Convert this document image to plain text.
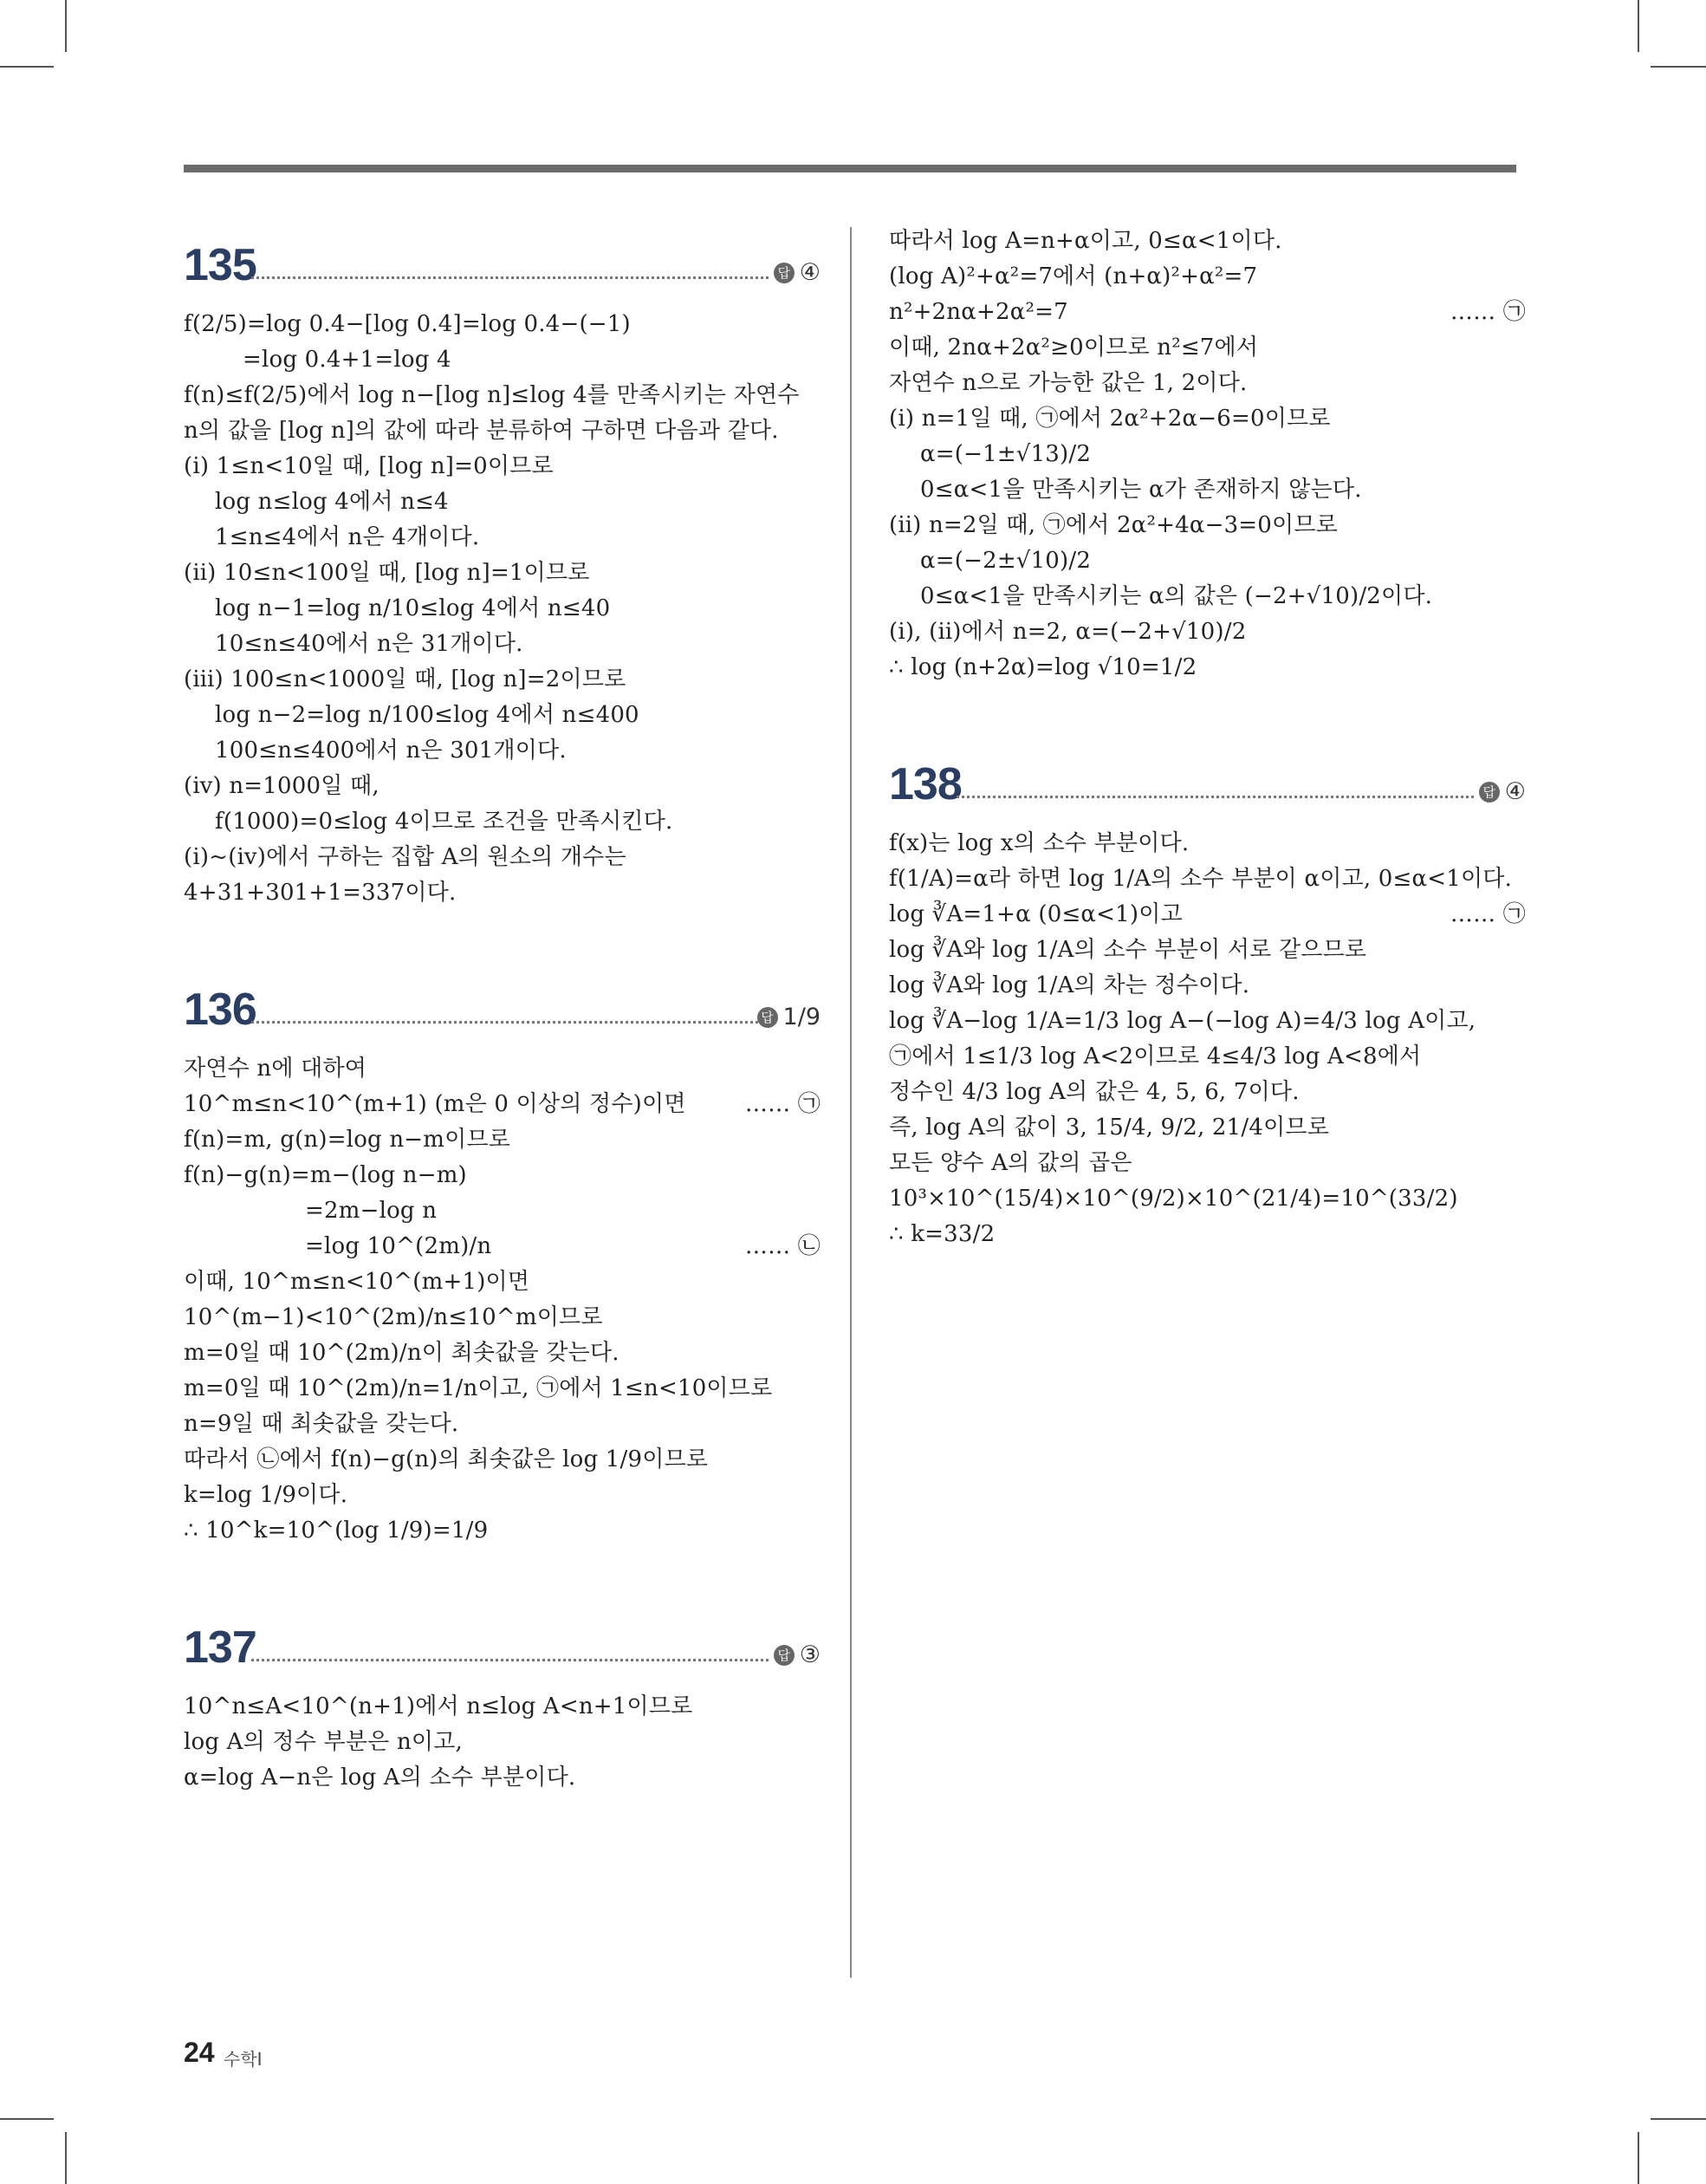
135	답 ④
f(2/5)=log 0.4−[log 0.4]=log 0.4−(−1)
=log 0.4+1=log 4
f(n)≤f(2/5)에서 log n−[log n]≤log 4를 만족시키는 자연수
n의 값을 [log n]의 값에 따라 분류하여 구하면 다음과 같다.
(ⅰ) 1≤n<10일 때, [log n]=0이므로
log n≤log 4에서 n≤4
1≤n≤4에서 n은 4개이다.
(ⅱ) 10≤n<100일 때, [log n]=1이므로
log n−1=log n/10≤log 4에서 n≤40
10≤n≤40에서 n은 31개이다.
(ⅲ) 100≤n<1000일 때, [log n]=2이므로
log n−2=log n/100≤log 4에서 n≤400
100≤n≤400에서 n은 301개이다.
(ⅳ) n=1000일 때,
f(1000)=0≤log 4이므로 조건을 만족시킨다.
(ⅰ)~(ⅳ)에서 구하는 집합 A의 원소의 개수는
4+31+301+1=337이다.
136	답 1/9
자연수 n에 대하여
10^m≤n<10^(m+1) (m은 0 이상의 정수)이면	…… ㉠
f(n)=m, g(n)=log n−m이므로
f(n)−g(n)=m−(log n−m)
=2m−log n
=log 10^(2m)/n	…… ㉡
이때, 10^m≤n<10^(m+1)이면
10^(m−1)<10^(2m)/n≤10^m이므로
m=0일 때 10^(2m)/n이 최솟값을 갖는다.
m=0일 때 10^(2m)/n=1/n이고, ㉠에서 1≤n<10이므로
n=9일 때 최솟값을 갖는다.
따라서 ㉡에서 f(n)−g(n)의 최솟값은 log 1/9이므로
k=log 1/9이다.
∴ 10^k=10^(log 1/9)=1/9
137	답 ③
10^n≤A<10^(n+1)에서 n≤log A<n+1이므로
log A의 정수 부분은 n이고,
α=log A−n은 log A의 소수 부분이다.
따라서 log A=n+α이고, 0≤α<1이다.
(log A)²+α²=7에서 (n+α)²+α²=7
n²+2nα+2α²=7	…… ㉠
이때, 2nα+2α²≥0이므로 n²≤7에서
자연수 n으로 가능한 값은 1, 2이다.
(ⅰ) n=1일 때, ㉠에서 2α²+2α−6=0이므로
α=(−1±√13)/2
0≤α<1을 만족시키는 α가 존재하지 않는다.
(ⅱ) n=2일 때, ㉠에서 2α²+4α−3=0이므로
α=(−2±√10)/2
0≤α<1을 만족시키는 α의 값은 (−2+√10)/2이다.
(ⅰ), (ⅱ)에서 n=2, α=(−2+√10)/2
∴ log (n+2α)=log √10=1/2
138	답 ④
f(x)는 log x의 소수 부분이다.
f(1/A)=α라 하면 log 1/A의 소수 부분이 α이고, 0≤α<1이다.
log ∛A=1+α (0≤α<1)이고	…… ㉠
log ∛A와 log 1/A의 소수 부분이 서로 같으므로
log ∛A와 log 1/A의 차는 정수이다.
log ∛A−log 1/A=1/3 log A−(−log A)=4/3 log A이고,
㉠에서 1≤1/3 log A<2이므로 4≤4/3 log A<8에서
정수인 4/3 log A의 값은 4, 5, 6, 7이다.
즉, log A의 값이 3, 15/4, 9/2, 21/4이므로
모든 양수 A의 값의 곱은
10³×10^(15/4)×10^(9/2)×10^(21/4)=10^(33/2)
∴ k=33/2
24 수학Ⅰ
